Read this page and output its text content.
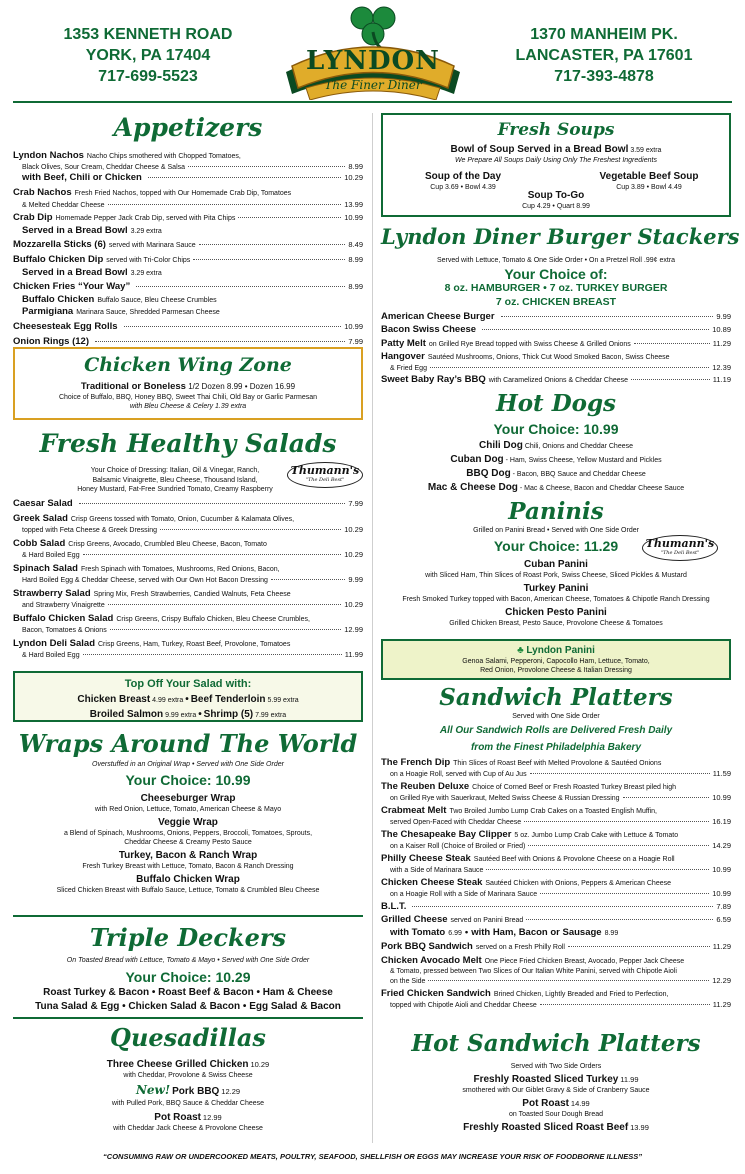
1353 KENNETH ROAD
YORK, PA 17404
717-699-5523
1370 MANHEIM PK.
LANCASTER, PA 17601
717-393-4878
LYNDON
The Finer Diner
Appetizers
Lyndon Nachos Nacho Chips smothered with Chopped Tomatoes,
Black Olives, Sour Cream, Cheddar Cheese & Salsa	8.99
with Beef, Chili or Chicken	10.29
Crab Nachos Fresh Fried Nachos, topped with Our Homemade Crab Dip, Tomatoes
& Melted Cheddar Cheese	13.99
Crab Dip Homemade Pepper Jack Crab Dip, served with Pita Chips	10.99
Served in a Bread Bowl 3.29 extra
Mozzarella Sticks (6) served with Marinara Sauce	8.49
Buffalo Chicken Dip served with Tri-Color Chips	8.99
Served in a Bread Bowl 3.29 extra
Chicken Fries “Your Way”	8.99
Buffalo Chicken Buffalo Sauce, Bleu Cheese Crumbles
Parmigiana Marinara Sauce, Shredded Parmesan Cheese
Cheesesteak Egg Rolls	10.99
Onion Rings (12)	7.99
Chicken Wing Zone
Traditional or Boneless 1/2 Dozen 8.99 • Dozen 16.99
Choice of Buffalo, BBQ, Honey BBQ, Sweet Thai Chili, Old Bay or Garlic Parmesan
with Bleu Cheese & Celery 1.39 extra
Fresh Healthy Salads
Your Choice of Dressing: Italian, Oil & Vinegar, Ranch,
Balsamic Vinaigrette, Bleu Cheese, Thousand Island,
Honey Mustard, Fat-Free Sundried Tomato, Creamy Raspberry
Thumann's
"The Deli Best"
Caesar Salad	7.99
Greek Salad Crisp Greens tossed with Tomato, Onion, Cucumber & Kalamata Olives,
topped with Feta Cheese & Greek Dressing	10.29
Cobb Salad Crisp Greens, Avocado, Crumbled Bleu Cheese, Bacon, Tomato
& Hard Boiled Egg	10.29
Spinach Salad Fresh Spinach with Tomatoes, Mushrooms, Red Onions, Bacon,
Hard Boiled Egg & Cheddar Cheese, served with Our Own Hot Bacon Dressing	9.99
Strawberry Salad Spring Mix, Fresh Strawberries, Candied Walnuts, Feta Cheese
and Strawberry Vinaigrette	10.29
Buffalo Chicken Salad Crisp Greens, Crispy Buffalo Chicken, Bleu Cheese Crumbles,
Bacon, Tomatoes & Onions	12.99
Lyndon Deli Salad Crisp Greens, Ham, Turkey, Roast Beef, Provolone, Tomatoes
& Hard Boiled Egg	11.99
Top Off Your Salad with:
Chicken Breast 4.99 extra • Beef Tenderloin 5.99 extra
Broiled Salmon 9.99 extra • Shrimp (5) 7.99 extra
Wraps Around The World
Overstuffed in an Original Wrap • Served with One Side Order
Your Choice: 10.99
Cheeseburger Wrap
with Red Onion, Lettuce, Tomato, American Cheese & Mayo
Veggie Wrap
a Blend of Spinach, Mushrooms, Onions, Peppers, Broccoli, Tomatoes, Sprouts,
Cheddar Cheese & Creamy Pesto Sauce
Turkey, Bacon & Ranch Wrap
Fresh Turkey Breast with Lettuce, Tomato, Bacon & Ranch Dressing
Buffalo Chicken Wrap
Sliced Chicken Breast with Buffalo Sauce, Lettuce, Tomato & Crumbled Bleu Cheese
Triple Deckers
On Toasted Bread with Lettuce, Tomato & Mayo • Served with One Side Order
Your Choice: 10.29
Roast Turkey & Bacon • Roast Beef & Bacon • Ham & Cheese
Tuna Salad & Egg • Chicken Salad & Bacon • Egg Salad & Bacon
Quesadillas
Three Cheese Grilled Chicken 10.29
with Cheddar, Provolone & Swiss Cheese
New! Pork BBQ 12.29
with Pulled Pork, BBQ Sauce & Cheddar Cheese
Pot Roast 12.99
with Cheddar Jack Cheese & Provolone Cheese
Fresh Soups
Bowl of Soup Served in a Bread Bowl 3.59 extra
We Prepare All Soups Daily Using Only The Freshest Ingredients
Soup of the Day
Cup 3.69 • Bowl 4.39
Vegetable Beef Soup
Cup 3.89 • Bowl 4.49
Soup To-Go
Cup 4.29 • Quart 8.99
Lyndon Diner Burger Stackers
Served with Lettuce, Tomato & One Side Order • On a Pretzel Roll .99¢ extra
Your Choice of:
8 oz. HAMBURGER • 7 oz. TURKEY BURGER
7 oz. CHICKEN BREAST
American Cheese Burger	9.99
Bacon Swiss Cheese	10.89
Patty Melt on Grilled Rye Bread topped with Swiss Cheese & Grilled Onions	11.29
Hangover Sautéed Mushrooms, Onions, Thick Cut Wood Smoked Bacon, Swiss Cheese
& Fried Egg	12.39
Sweet Baby Ray’s BBQ with Caramelized Onions & Cheddar Cheese	11.19
Hot Dogs
Your Choice: 10.99
Chili Dog Chili, Onions and Cheddar Cheese
Cuban Dog - Ham, Swiss Cheese, Yellow Mustard and Pickles
BBQ Dog - Bacon, BBQ Sauce and Cheddar Cheese
Mac & Cheese Dog - Mac & Cheese, Bacon and Cheddar Cheese Sauce
Paninis
Grilled on Panini Bread • Served with One Side Order
Your Choice: 11.29	Thumann's
"The Deli Best"
Cuban Panini
with Sliced Ham, Thin Slices of Roast Pork, Swiss Cheese, Sliced Pickles & Mustard
Turkey Panini
Fresh Smoked Turkey topped with Bacon, American Cheese, Tomatoes & Chipotle Ranch Dressing
Chicken Pesto Panini
Grilled Chicken Breast, Pesto Sauce, Provolone Cheese & Tomatoes
♣ Lyndon Panini
Genoa Salami, Pepperoni, Capocollo Ham, Lettuce, Tomato,
Red Onion, Provolone Cheese & Italian Dressing
Sandwich Platters
Served with One Side Order
All Our Sandwich Rolls are Delivered Fresh Daily
from the Finest Philadelphia Bakery
The French Dip Thin Slices of Roast Beef with Melted Provolone & Sautéed Onions
on a Hoagie Roll, served with Cup of Au Jus	11.59
The Reuben Deluxe Choice of Corned Beef or Fresh Roasted Turkey Breast piled high
on Grilled Rye with Sauerkraut, Melted Swiss Cheese & Russian Dressing	10.99
Crabmeat Melt Two Broiled Jumbo Lump Crab Cakes on a Toasted English Muffin,
served Open-Faced with Cheddar Cheese	16.19
The Chesapeake Bay Clipper 5 oz. Jumbo Lump Crab Cake with Lettuce & Tomato
on a Kaiser Roll (Choice of Broiled or Fried)	14.29
Philly Cheese Steak Sautéed Beef with Onions & Provolone Cheese on a Hoagie Roll
with a Side of Marinara Sauce	10.99
Chicken Cheese Steak Sautéed Chicken with Onions, Peppers & American Cheese
on a Hoagie Roll with a Side of Marinara Sauce	10.99
B.L.T.	7.89
Grilled Cheese served on Panini Bread	6.59
with Tomato 6.99 • with Ham, Bacon or Sausage 8.99
Pork BBQ Sandwich served on a Fresh Philly Roll	11.29
Chicken Avocado Melt One Piece Fried Chicken Breast, Avocado, Pepper Jack Cheese
& Tomato, pressed between Two Slices of Our Italian White Panini, served with Chipotle Aioli
on the Side	12.29
Fried Chicken Sandwich Brined Chicken, Lightly Breaded and Fried to Perfection,
topped with Chipotle Aioli and Cheddar Cheese	11.29
Hot Sandwich Platters
Served with Two Side Orders
Freshly Roasted Sliced Turkey 11.99
smothered with Our Giblet Gravy & Side of Cranberry Sauce
Pot Roast 14.99
on Toasted Sour Dough Bread
Freshly Roasted Sliced Roast Beef 13.99
“CONSUMING RAW OR UNDERCOOKED MEATS, POULTRY, SEAFOOD, SHELLFISH OR EGGS MAY INCREASE YOUR RISK OF FOODBORNE ILLNESS”
